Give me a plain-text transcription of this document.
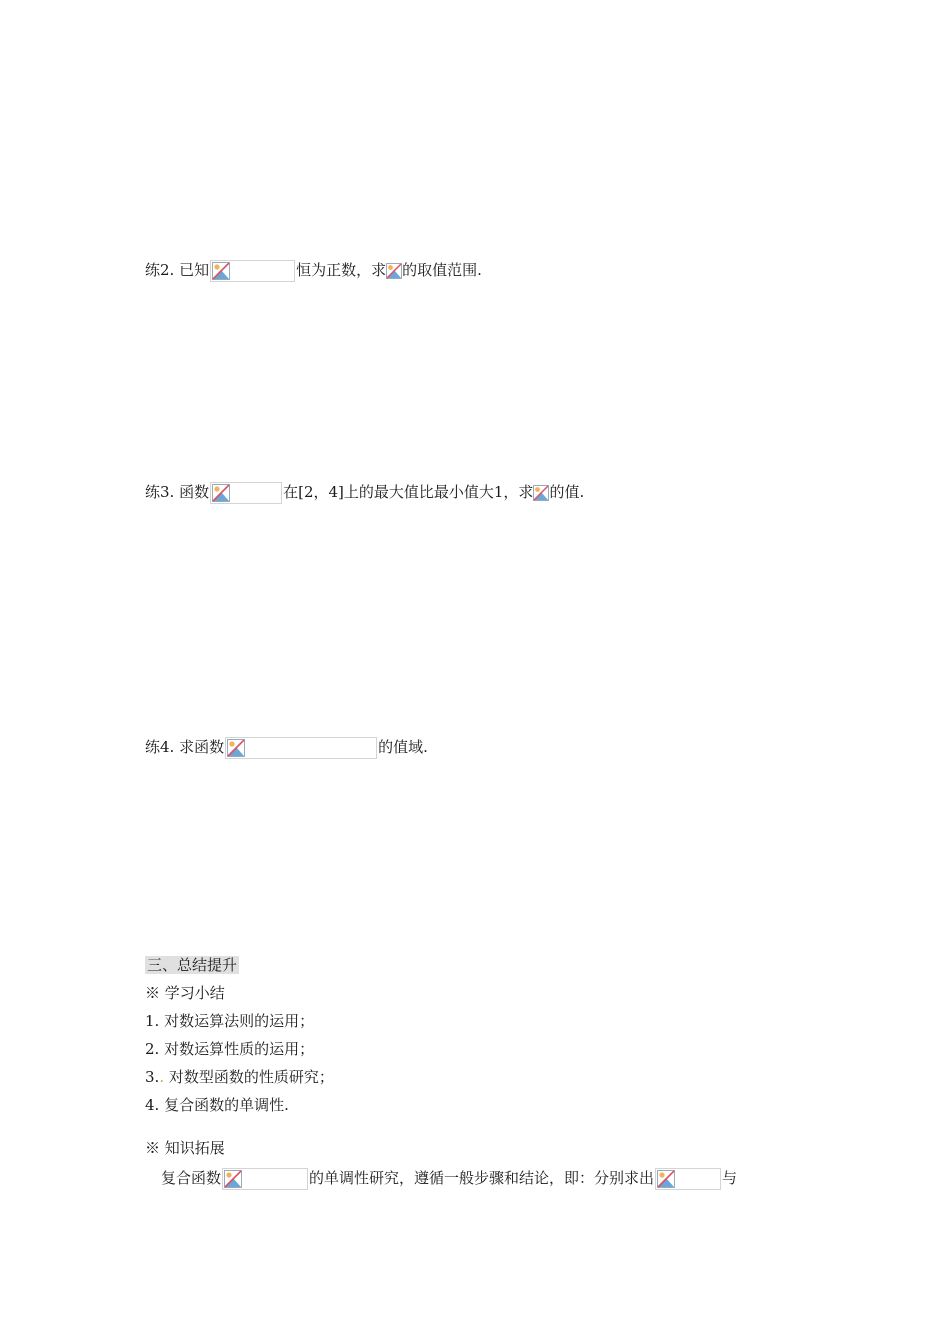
练2. 已知	恒为正数，求 的取值范围.
练3. 函数	在[2，4]上的最大值比最小值大1，求 的值.
练4. 求函数	的值域.
三、总结提升
※ 学习小结
1. 对数运算法则的运用；
2. 对数运算性质的运用；
3.. 对数型函数的性质研究；
4. 复合函数的单调性.
※ 知识拓展
复合函数	的单调性研究，遵循一般步骤和结论，即：分别求出	与
